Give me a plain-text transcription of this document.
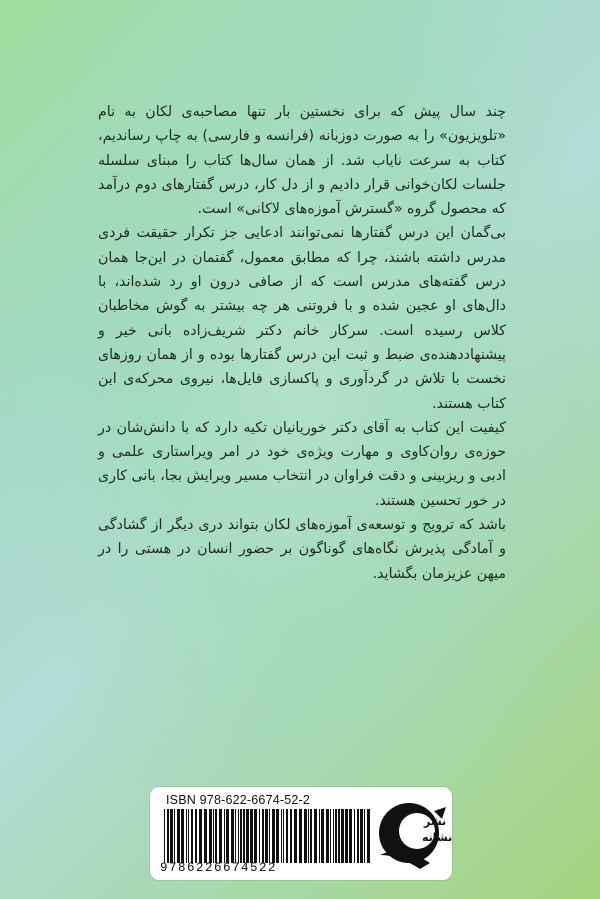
چند سال پیش که برای نخستین بار تنها مصاحبه‌ی لکان به نام «تلویزیون» را به صورت دوزبانه (فرانسه و فارسی) به چاپ رساندیم، کتاب به سرعت نایاب شد. از همان سال‌ها کتاب را مبنای سلسله جلسات لکان‌خوانی قرار دادیم و از دل کار، درس گفتارهای دوم درآمد که محصول گروه «گسترش آموزه‌های لاکانی» است.

بی‌گمان این درس گفتارها نمی‌توانند ادعایی جز تکرار حقیقت فردی مدرس داشته باشند، چرا که مطابق معمول، گفتمان در این‌جا همان درس گفته‌های مدرس است که از صافی درون او رد شده‌اند، با دال‌های او عجین شده و با فروتنی هر چه بیشتر به گوش مخاطبان کلاس رسیده است. سرکار خانم دکتر شریف‌زاده بانی خیر و پیشنهاددهنده‌ی ضبط و ثبت این درس گفتارها بوده و از همان روزهای نخست با تلاش در گردآوری و پاکسازی فایل‌ها، نیروی محرکه‌ی این کتاب هستند.

کیفیت این کتاب به آقای دکتر خوریانیان تکیه دارد که با دانش‌شان در حوزه‌ی روان‌کاوی و مهارت ویژه‌ی خود در امر ویراستاری علمی و ادبی و ریزبینی و دقت فراوان در انتخاب مسیر ویرایش بجا، بانی کاری در خور تحسین هستند.

باشد که ترویج و توسعه‌ی آموزه‌های لکان بتواند دری دیگر از گشادگی و آمادگی پذیرش نگاه‌های گوناگون بر حضور انسان در هستی را در میهن عزیزمان بگشاید.

ISBN 978-622-6674-52-2
9786226674522
نشر
نشانه
